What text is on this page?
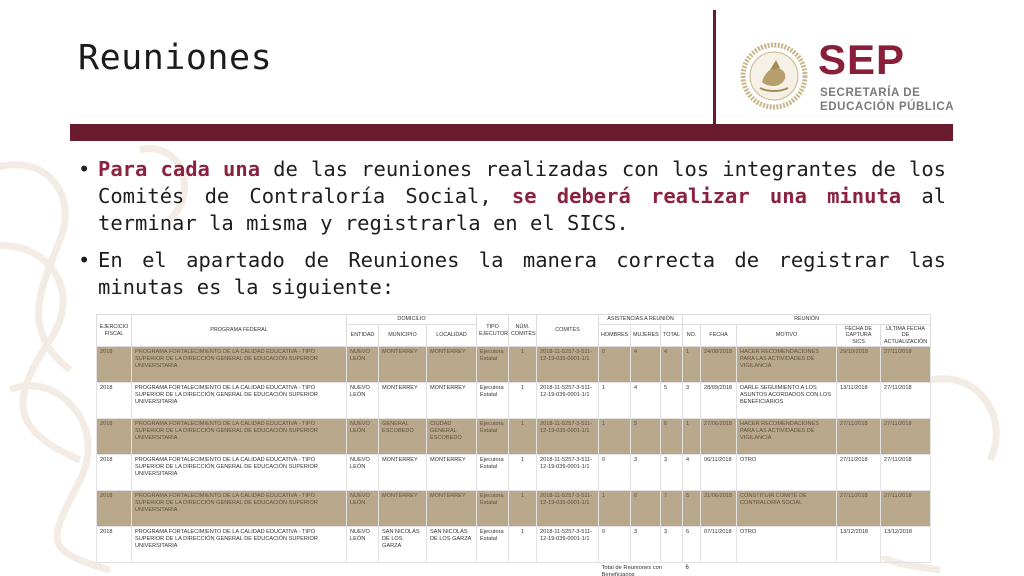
Reuniones	SEP
SECRETARÍA DE
EDUCACIÓN PÚBLICA
• Para cada una de las reuniones realizadas con los integrantes de los Comités de Contraloría Social, se deberá realizar una minuta al terminar la misma y registrarla en el SICS.
• En el apartado de Reuniones la manera correcta de registrar las minutas es la siguiente:
EJERCICIO FISCAL	PROGRAMA FEDERAL	DOMICILIO			TIPO EJECUTOR	NÚM. COMITÉS	COMITÉS	ASISTENCIAS A REUNIÓN			REUNIÓN				
		ENTIDAD	MUNICIPIO	LOCALIDAD				HOMBRES	MUJERES	TOTAL	NO.	FECHA	MOTIVO	FECHA DE CAPTURA SICS	ÚLTIMA FECHA DE ACTUALIZACIÓN
2018	PROGRAMA FORTALECIMIENTO DE LA CALIDAD EDUCATIVA - TIPO SUPERIOR DE LA DIRECCIÓN GENERAL DE EDUCACIÓN SUPERIOR UNIVERSITARIA	NUEVO LEÓN	MONTERREY	MONTERREY	Ejecutora Estatal	1	2018-11-5257-3-511-12-19-039-0001-1/1	0	4	4	1	24/08/2018	HACER RECOMENDACIONES PARA LAS ACTIVIDADES DE VIGILANCIA	29/10/2018	27/11/2018
2018	PROGRAMA FORTALECIMIENTO DE LA CALIDAD EDUCATIVA - TIPO SUPERIOR DE LA DIRECCIÓN GENERAL DE EDUCACIÓN SUPERIOR UNIVERSITARIA	NUEVO LEÓN	MONTERREY	MONTERREY	Ejecutora Estatal	1	2018-11-5257-3-511-12-19-039-0001-1/1	1	4	5	3	28/09/2018	DARLE SEGUIMIENTO A LOS ASUNTOS ACORDADOS CON LOS BENEFICIARIOS	13/11/2018	27/11/2018
2018	PROGRAMA FORTALECIMIENTO DE LA CALIDAD EDUCATIVA - TIPO SUPERIOR DE LA DIRECCIÓN GENERAL DE EDUCACIÓN SUPERIOR UNIVERSITARIA	NUEVO LEÓN	GENERAL ESCOBEDO	CIUDAD GENERAL ESCOBEDO	Ejecutora Estatal	1	2018-11-5257-3-511-12-19-039-0001-1/1	1	5	6	1	27/06/2018	HACER RECOMENDACIONES PARA LAS ACTIVIDADES DE VIGILANCIA	27/11/2018	27/11/2018
2018	PROGRAMA FORTALECIMIENTO DE LA CALIDAD EDUCATIVA - TIPO SUPERIOR DE LA DIRECCIÓN GENERAL DE EDUCACIÓN SUPERIOR UNIVERSITARIA	NUEVO LEÓN	MONTERREY	MONTERREY	Ejecutora Estatal	1	2018-11-5257-3-511-12-19-039-0001-1/1	0	3	3	4	06/11/2018	OTRO	27/11/2018	27/11/2018
2018	PROGRAMA FORTALECIMIENTO DE LA CALIDAD EDUCATIVA - TIPO SUPERIOR DE LA DIRECCIÓN GENERAL DE EDUCACIÓN SUPERIOR UNIVERSITARIA	NUEVO LEÓN	MONTERREY	MONTERREY	Ejecutora Estatal	1	2018-11-5257-3-511-12-19-039-0001-1/1	1	6	7	5	21/06/2018	CONSTITUIR COMITÉ DE CONTRALORÍA SOCIAL	27/11/2018	27/11/2018
2018	PROGRAMA FORTALECIMIENTO DE LA CALIDAD EDUCATIVA - TIPO SUPERIOR DE LA DIRECCIÓN GENERAL DE EDUCACIÓN SUPERIOR UNIVERSITARIA	NUEVO LEÓN	SAN NICOLÁS DE LOS GARZA	SAN NICOLÁS DE LOS GARZA	Ejecutora Estatal	1	2018-11-5257-3-511-12-19-039-0001-1/1	0	3	3	6	07/11/2018	OTRO	13/12/2018	13/12/2018
								Total de Reuniones con Beneficiarios			6				
